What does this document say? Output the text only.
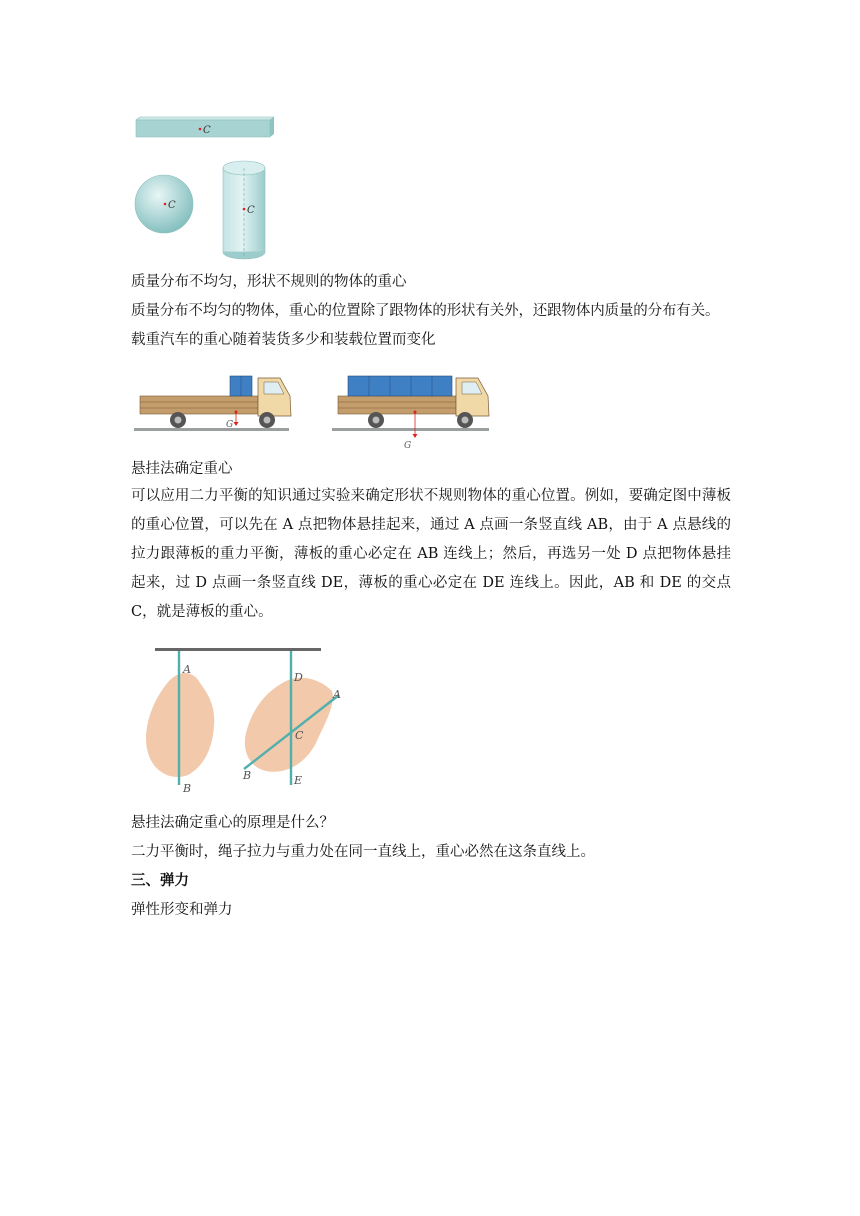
C
C	C
质量分布不均匀，形状不规则的物体的重心
质量分布不均匀的物体，重心的位置除了跟物体的形状有关外，还跟物体内质量的分布有关。
载重汽车的重心随着装货多少和装载位置而变化
G
G
悬挂法确定重心
可以应用二力平衡的知识通过实验来确定形状不规则物体的重心位置。例如，要确定图中薄板的重心位置，可以先在 A 点把物体悬挂起来，通过 A 点画一条竖直线 AB，由于 A 点悬线的拉力跟薄板的重力平衡，薄板的重心必定在 AB 连线上；然后，再选另一处 D 点把物体悬挂起来，过 D 点画一条竖直线 DE，薄板的重心必定在 DE 连线上。因此，AB 和 DE 的交点 C，就是薄板的重心。
A
B
D
A
C
B	E
悬挂法确定重心的原理是什么？
二力平衡时，绳子拉力与重力处在同一直线上，重心必然在这条直线上。
三、弹力
弹性形变和弹力
